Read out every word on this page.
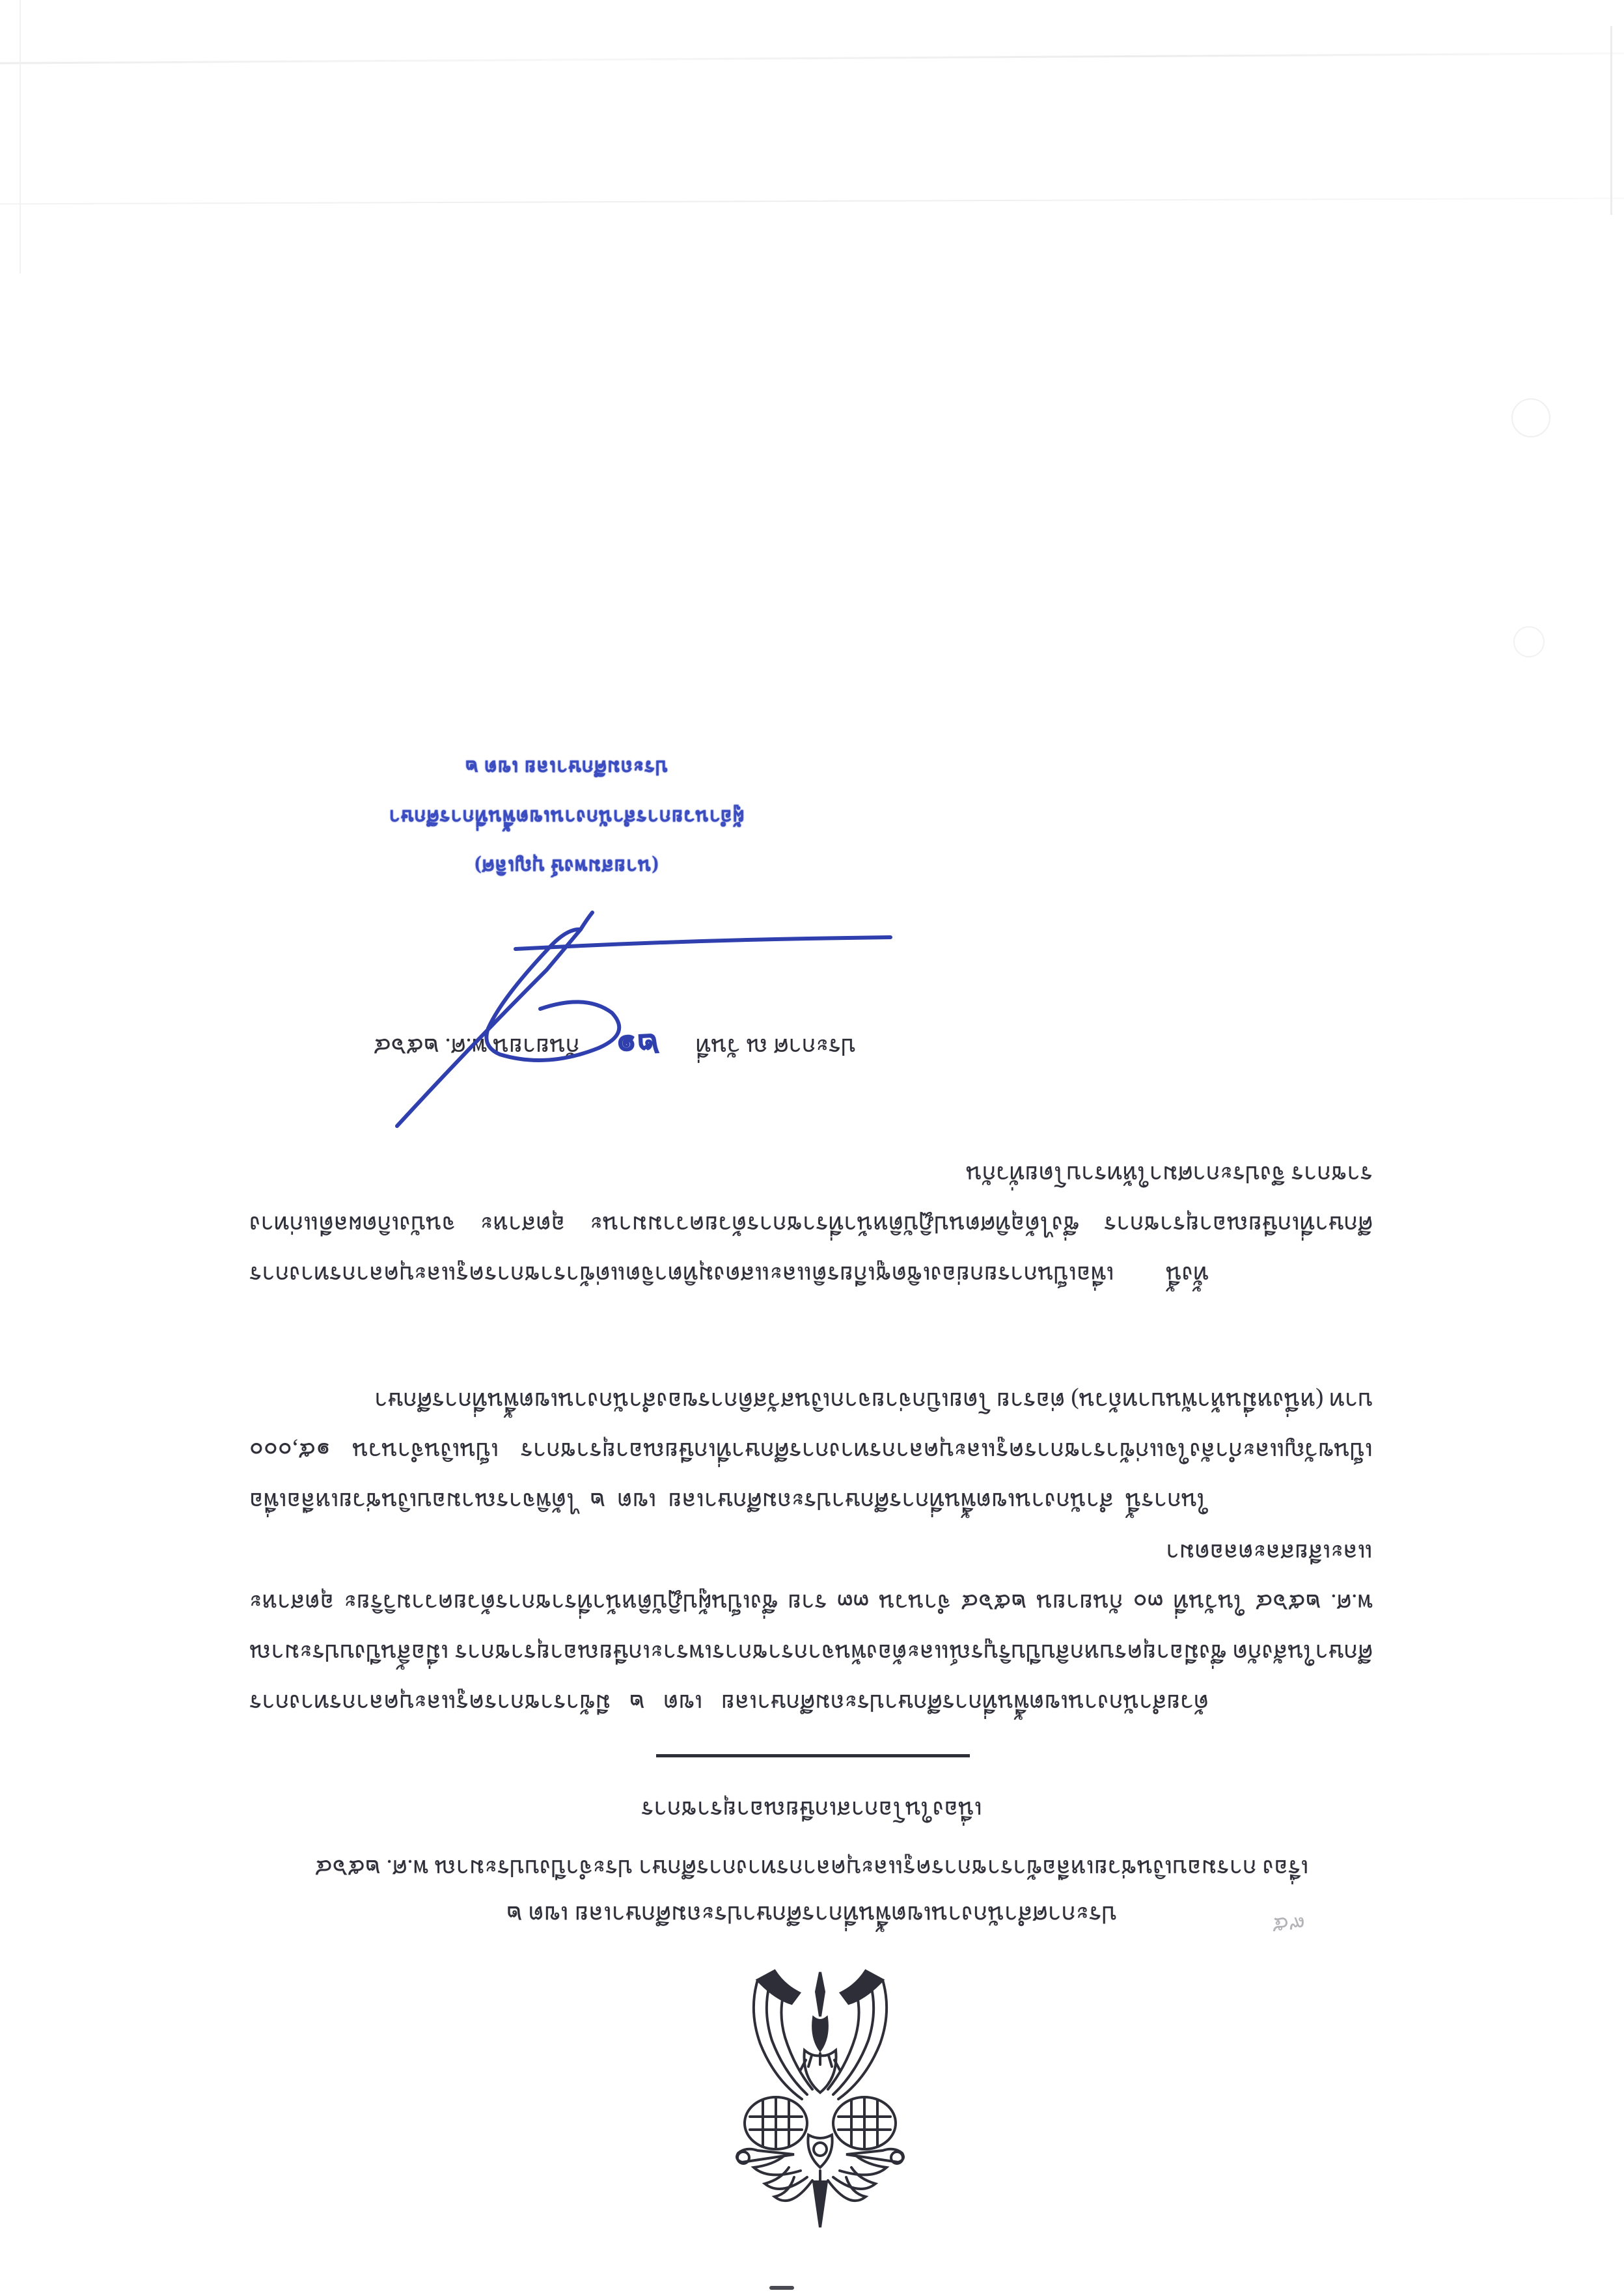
ประกาศสำนักงานเขตพื้นที่การศึกษาประถมศึกษาเลย เขต ๒
เรื่อง การมอบเงินช่วยเหลือข้าราชการครูและบุคลากรทางการศึกษา ประจำปีงบประมาณ พ.ศ. ๒๕๖๔
เนื่องในโอกาสเกษียณอายุราชการ

ด้วยสำนักงานเขตพื้นที่การศึกษาประถมศึกษาเลย เขต ๒ มีข้าราชการครูและบุคลากรทางการศึกษาในสังกัด ซึ่งมีอายุครบหกสิบปีบริบูรณ์และต้องพ้นจากราชการเพราะเกษียณอายุราชการ เมื่อสิ้นปีงบประมาณ พ.ศ. ๒๕๖๔ ในวันที่ ๓๐ กันยายน ๒๕๖๔ จำนวน ๓๓ ราย ซึ่งเป็นผู้ปฏิบัติหน้าที่ราชการด้วยความวิริยะ อุตสาหะ และเสียสละตลอดมา

ในการนี้ สำนักงานเขตพื้นที่การศึกษาประถมศึกษาเลย เขต ๒ ได้พิจารณามอบเงินช่วยเหลือเพื่อเป็นขวัญและกำลังใจแก่ข้าราชการครูและบุคลากรทางการศึกษาที่เกษียณอายุราชการ เป็นเงินจำนวน ๑๕,๐๐๐ บาท (หนึ่งหมื่นห้าพันบาทถ้วน) ต่อราย โดยเบิกจ่ายจากเงินสวัสดิการของสำนักงานเขตพื้นที่การศึกษา

ทั้งนี้ เพื่อเป็นการยกย่องเชิดชูเกียรติและแสดงมุทิตาจิตแด่ข้าราชการครูและบุคลากรทางการศึกษาที่เกษียณอายุราชการ ซึ่งได้อุทิศตนปฏิบัติหน้าที่ราชการด้วยความมานะ อุตสาหะ จนบังเกิดผลดีแก่ทางราชการ จึงประกาศมาให้ทราบโดยทั่วกัน

ประกาศ ณ วันที่๒๑กันยายน พ.ศ. ๒๕๖๔
(นายสมพงษ์ บุญเลิศ)
ผู้อำนวยการสำนักงานเขตพื้นที่การศึกษา
ประถมศึกษาเลย เขต ๒
๙๕
